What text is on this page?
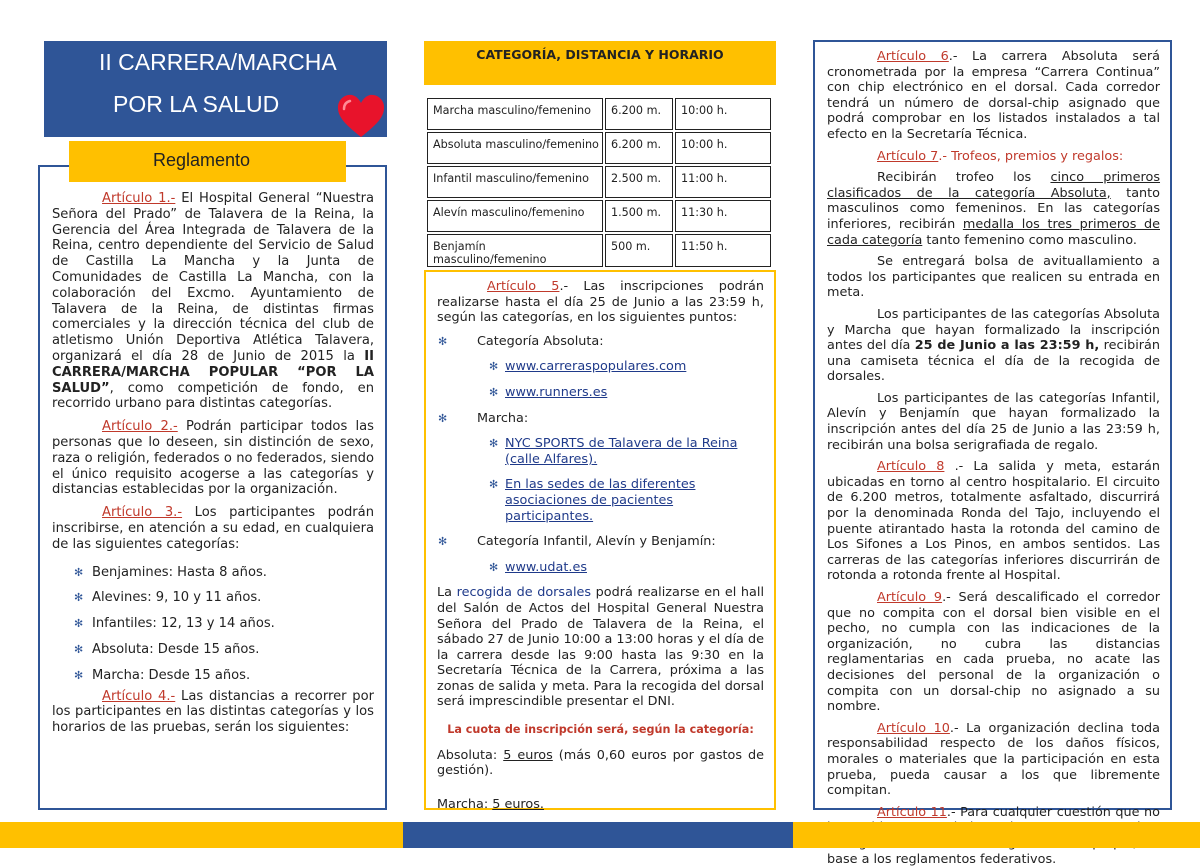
II CARRERA/MARCHA
POR LA SALUD

Artículo 1.- El Hospital General “Nuestra Señora del Prado” de Talavera de la Reina, la Gerencia del Área Integrada de Talavera de la Reina, centro dependiente del Servicio de Salud de Castilla La Mancha y la Junta de Comunidades de Castilla La Mancha, con la colaboración del Excmo. Ayuntamiento de Talavera de la Reina, de distintas firmas comerciales y la dirección técnica del club de atletismo Unión Deportiva Atlética Talavera, organizará el día 28 de Junio de 2015 la II CARRERA/MARCHA POPULAR “POR LA SALUD”, como competición de fondo, en recorrido urbano para distintas categorías.

Artículo 2.- Podrán participar todos las personas que lo deseen, sin distinción de sexo, raza o religión, federados o no federados, siendo el único requisito acogerse a las categorías y distancias establecidas por la organización.

Artículo 3.- Los participantes podrán inscribirse, en atención a su edad, en cualquiera de las siguientes categorías:

✻ Benjamines: Hasta 8 años.
✻ Alevines: 9, 10 y 11 años.
✻ Infantiles: 12, 13 y 14 años.
✻ Absoluta: Desde 15 años.
✻ Marcha: Desde 15 años.

Artículo 4.- Las distancias a recorrer por los participantes en las distintas categorías y los horarios de las pruebas, serán los siguientes:

Reglamento
CATEGORÍA, DISTANCIA Y HORARIO
Marcha masculino/femenino	6.200 m.	10:00 h.
Absoluta masculino/femenino	6.200 m.	10:00 h.
Infantil masculino/femenino	2.500 m.	11:00 h.
Alevín masculino/femenino	1.500 m.	11:30 h.
Benjamín masculino/femenino	500 m.	11:50 h.

Artículo 5.- Las inscripciones podrán realizarse hasta el día 25 de Junio a las 23:59 h, según las categorías, en los siguientes puntos:

✻ Categoría Absoluta:
✻ www.carreraspopulares.com
✻ www.runners.es
✻ Marcha:
✻ NYC SPORTS de Talavera de la Reina (calle Alfares).
✻ En las sedes de las diferentes asociaciones de pacientes participantes.
✻ Categoría Infantil, Alevín y Benjamín:
✻ www.udat.es

La recogida de dorsales podrá realizarse en el hall del Salón de Actos del Hospital General Nuestra Señora del Prado de Talavera de la Reina, el sábado 27 de Junio 10:00 a 13:00 horas y el día de la carrera desde las 9:00 hasta las 9:30 en la Secretaría Técnica de la Carrera, próxima a las zonas de salida y meta. Para la recogida del dorsal será imprescindible presentar el DNI.

La cuota de inscripción será, según la categoría:

Absoluta: 5 euros (más 0,60 euros por gastos de gestión).

Marcha: 5 euros.

Artículo 6.- La carrera Absoluta será cronometrada por la empresa “Carrera Continua” con chip electrónico en el dorsal. Cada corredor tendrá un número de dorsal-chip asignado que podrá comprobar en los listados instalados a tal efecto en la Secretaría Técnica.

Artículo 7.- Trofeos, premios y regalos:

Recibirán trofeo los cinco primeros clasificados de la categoría Absoluta, tanto masculinos como femeninos. En las categorías inferiores, recibirán medalla los tres primeros de cada categoría tanto femenino como masculino.

Se entregará bolsa de avituallamiento a todos los participantes que realicen su entrada en meta.

Los participantes de las categorías Absoluta y Marcha que hayan formalizado la inscripción antes del día 25 de Junio a las 23:59 h, recibirán una camiseta técnica el día de la recogida de dorsales.

Los participantes de las categorías Infantil, Alevín y Benjamín que hayan formalizado la inscripción antes del día 25 de Junio a las 23:59 h, recibirán una bolsa serigrafiada de regalo.

Artículo 8 .- La salida y meta, estarán ubicadas en torno al centro hospitalario. El circuito de 6.200 metros, totalmente asfaltado, discurrirá por la denominada Ronda del Tajo, incluyendo el puente atirantado hasta la rotonda del camino de Los Sifones a Los Pinos, en ambos sentidos. Las carreras de las categorías inferiores discurrirán de rotonda a rotonda frente al Hospital.

Artículo 9.- Será descalificado el corredor que no compita con el dorsal bien visible en el pecho, no cumpla con las indicaciones de la organización, no cubra las distancias reglamentarias en cada prueba, no acate las decisiones del personal de la organización o compita con un dorsal-chip no asignado a su nombre.

Artículo 10.- La organización declina toda responsabilidad respecto de los daños físicos, morales o materiales que la participación en esta prueba, pueda causar a los que libremente compitan.

Artículo 11.- Para cualquier cuestión que no base a los reglamentos federativos.
